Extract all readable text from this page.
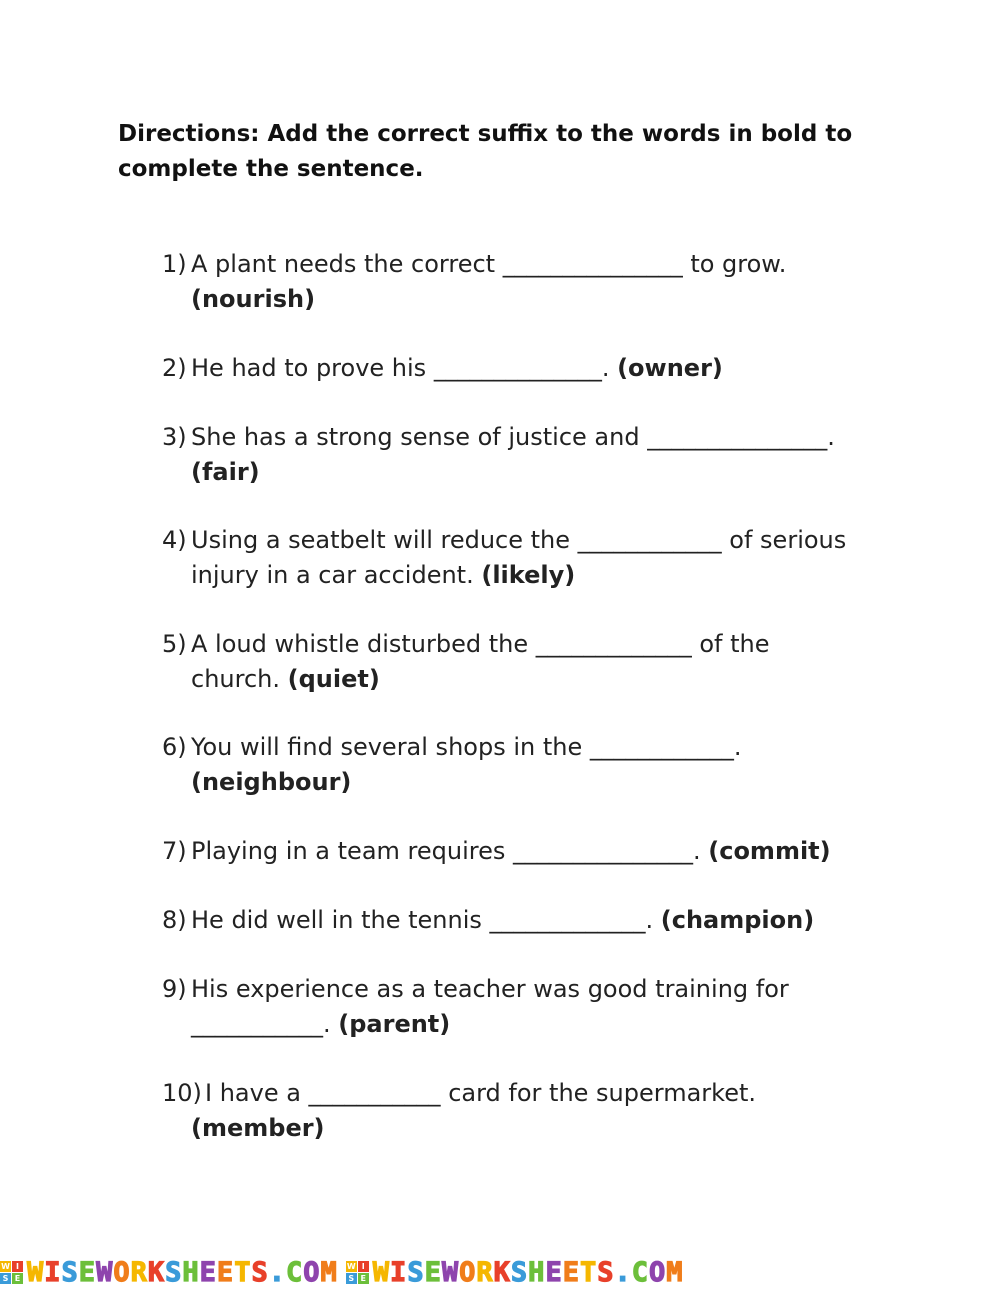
Directions: Add the correct suffix to the words in bold to complete the sentence.
1) A plant needs the correct _______________ to grow.
(nourish)
2) He had to prove his ______________. (owner)
3) She has a strong sense of justice and _______________.
(fair)
4) Using a seatbelt will reduce the ____________ of serious
injury in a car accident. (likely)
5) A loud whistle disturbed the _____________ of the
church. (quiet)
6) You will find several shops in the ____________.
(neighbour)
7) Playing in a team requires _______________. (commit)
8) He did well in the tennis _____________. (champion)
9) His experience as a teacher was good training for
___________. (parent)
10) I have a ___________ card for the supermarket.
(member)
W I
S E W I S E W O R K S H E E T S . C O M W I
S E W I S E W O R K S H E E T S . C O M
